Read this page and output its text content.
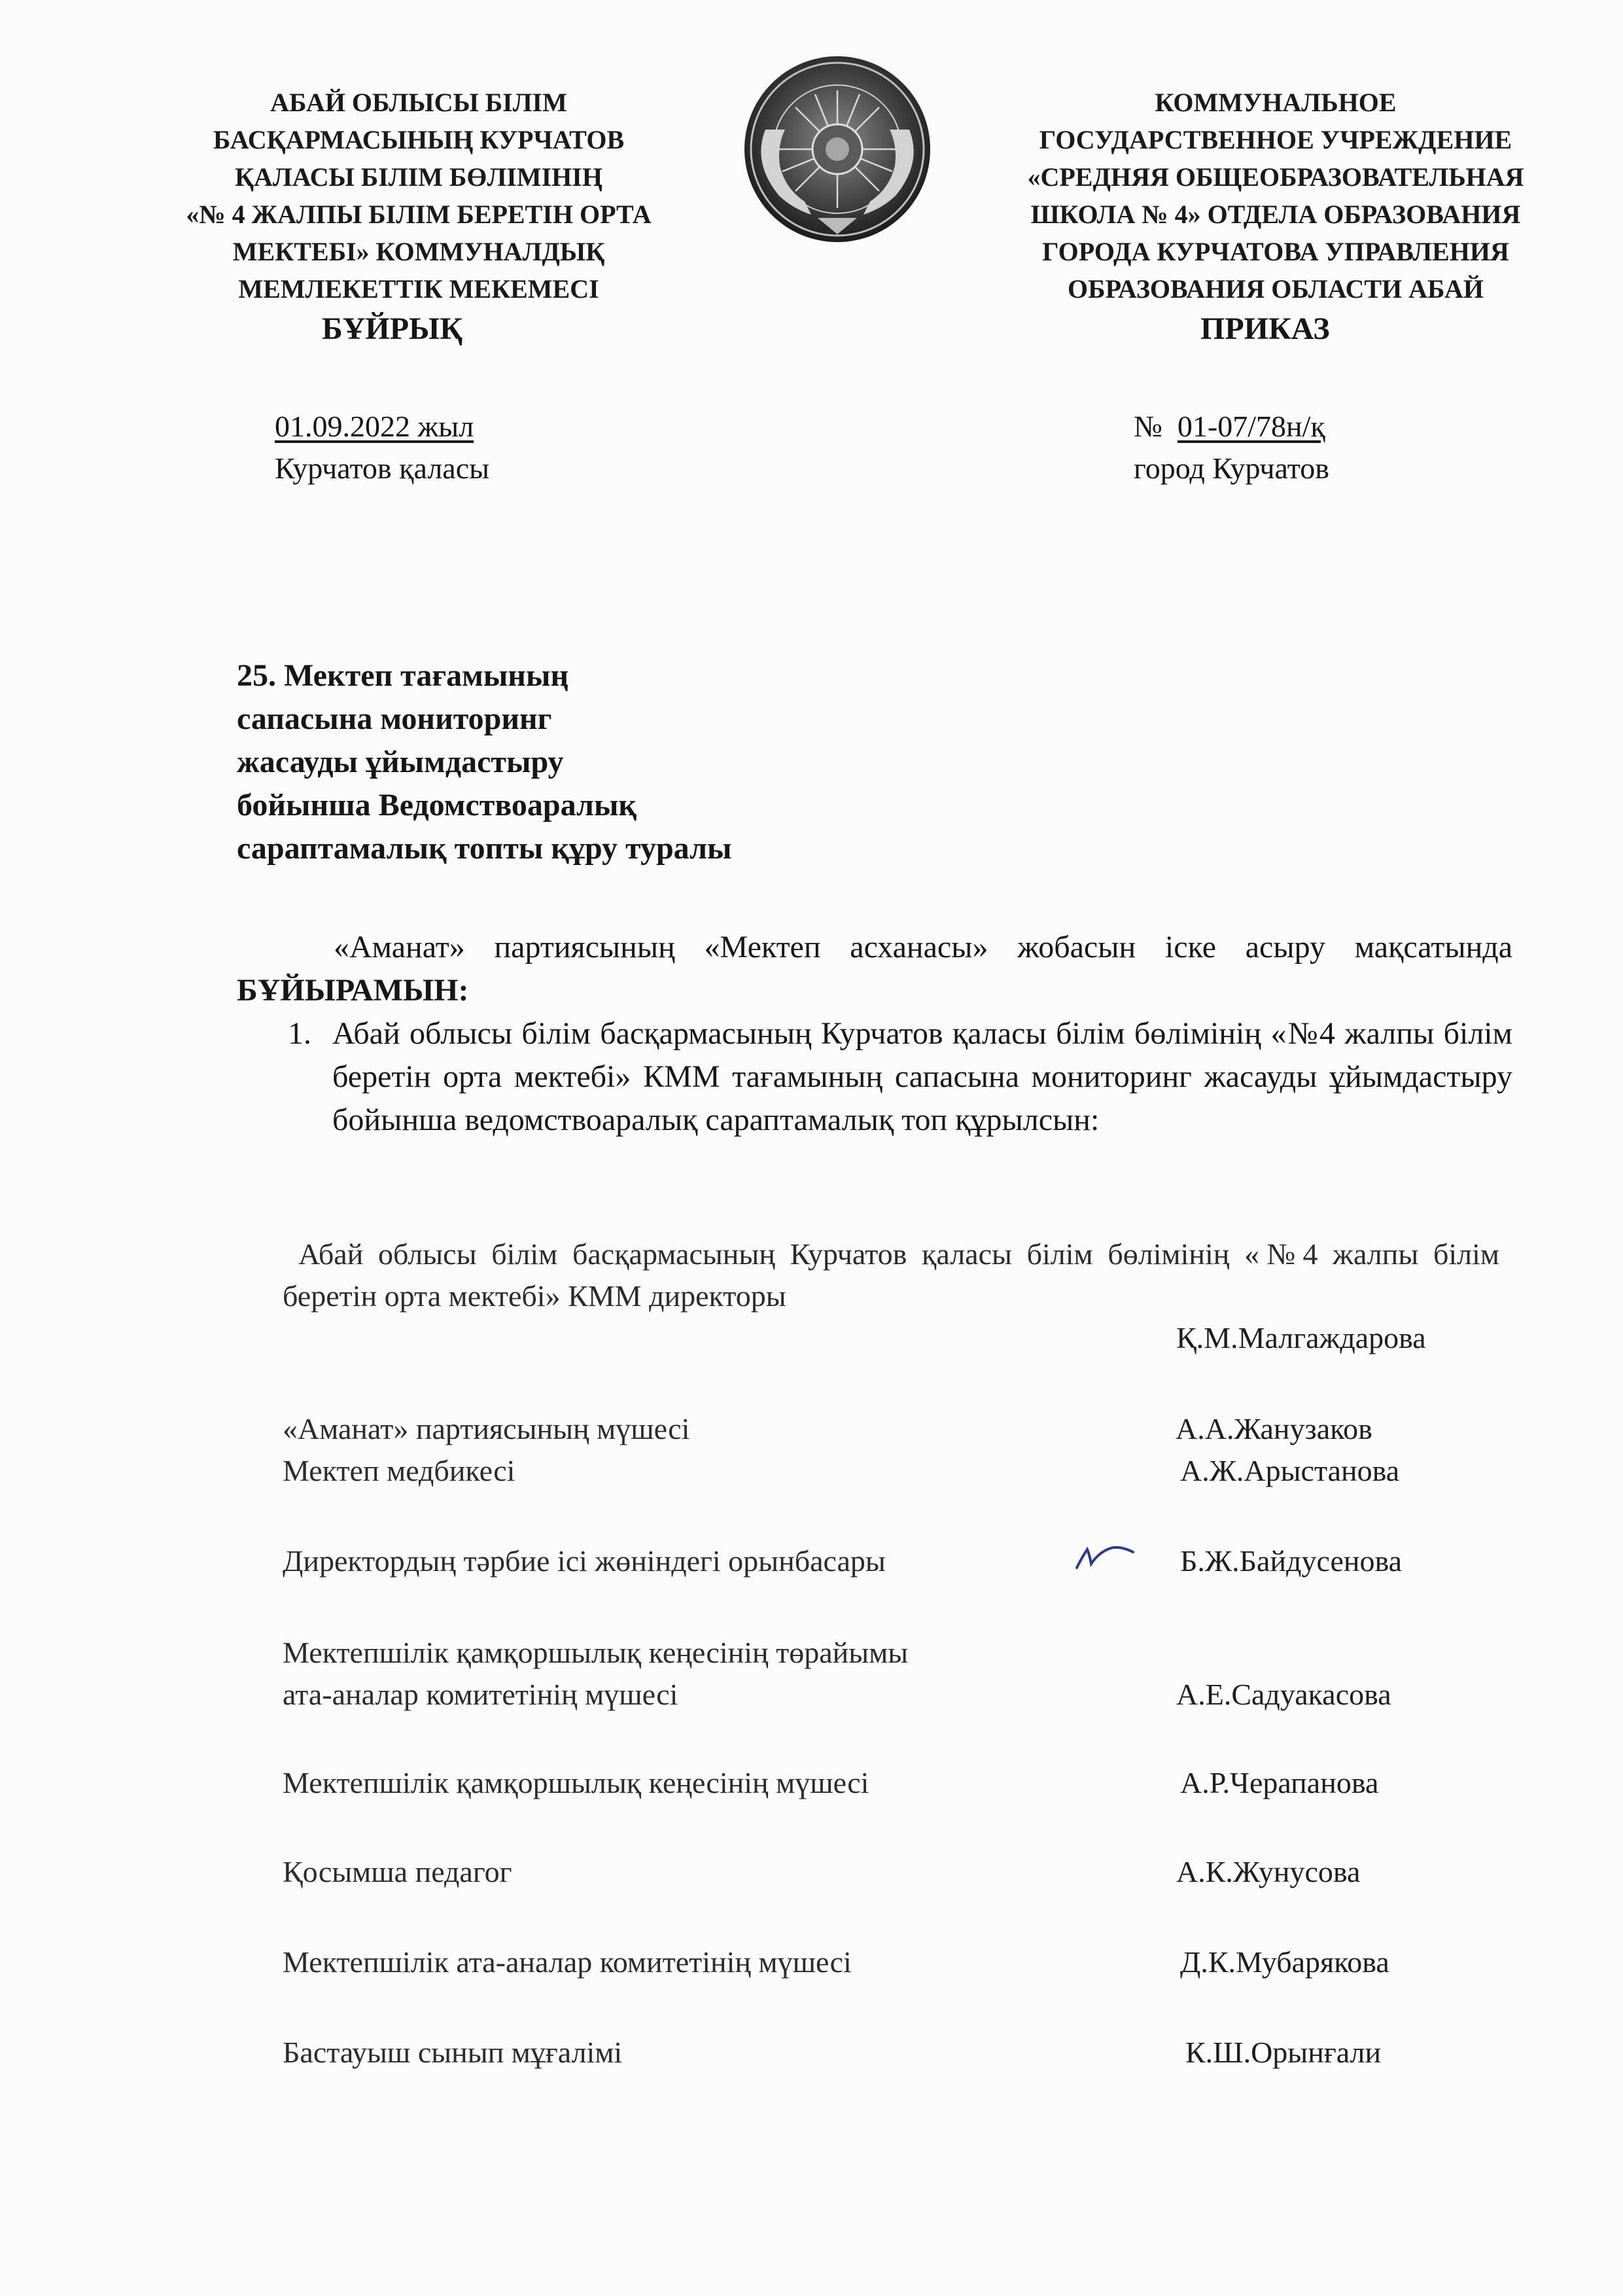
АБАЙ ОБЛЫСЫ БІЛІМ
БАСҚАРМАСЫНЫҢ КУРЧАТОВ
ҚАЛАСЫ БІЛІМ БӨЛІМІНІҢ
«№ 4 ЖАЛПЫ БІЛІМ БЕРЕТІН ОРТА
МЕКТЕБІ» КОММУНАЛДЫҚ
МЕМЛЕКЕТТІК МЕКЕМЕСІ
КОММУНАЛЬНОЕ
ГОСУДАРСТВЕННОЕ УЧРЕЖДЕНИЕ
«СРЕДНЯЯ ОБЩЕОБРАЗОВАТЕЛЬНАЯ
ШКОЛА № 4» ОТДЕЛА ОБРАЗОВАНИЯ
ГОРОДА КУРЧАТОВА УПРАВЛЕНИЯ
ОБРАЗОВАНИЯ ОБЛАСТИ АБАЙ
БҰЙРЫҚ	ПРИКАЗ
01.09.2022 жыл
Курчатов қаласы
№ 01-07/78н/қ
город Курчатов
25. Мектеп тағамының
сапасына мониторинг
жасауды ұйымдастыру
бойынша Ведомствоаралық
сараптамалық топты құру туралы
«Аманат» партиясының «Мектеп асханасы» жобасын іске асыру мақсатында БҰЙЫРАМЫН:
1. Абай облысы білім басқармасының Курчатов қаласы білім бөлімінің «№4 жалпы білім беретін орта мектебі» КММ тағамының сапасына мониторинг жасауды ұйымдастыру бойынша ведомствоаралық сараптамалық топ құрылсын:
Абай облысы білім басқармасының Курчатов қаласы білім бөлімінің «№4 жалпы білім беретін орта мектебі» КММ директоры
Қ.М.Малгаждарова
«Аманат» партиясының мүшесі	А.А.Жанузаков
Мектеп медбикесі	А.Ж.Арыстанова
Директордың тәрбие ісі жөніндегі орынбасары	Б.Ж.Байдусенова
Мектепшілік қамқоршылық кеңесінің төрайымы
ата-аналар комитетінің мүшесі	А.Е.Садуакасова
Мектепшілік қамқоршылық кеңесінің мүшесі	А.Р.Черапанова
Қосымша педагог	А.К.Жунусова
Мектепшілік ата-аналар комитетінің мүшесі	Д.К.Мубарякова
Бастауыш сынып мұғалімі	К.Ш.Орынғали
